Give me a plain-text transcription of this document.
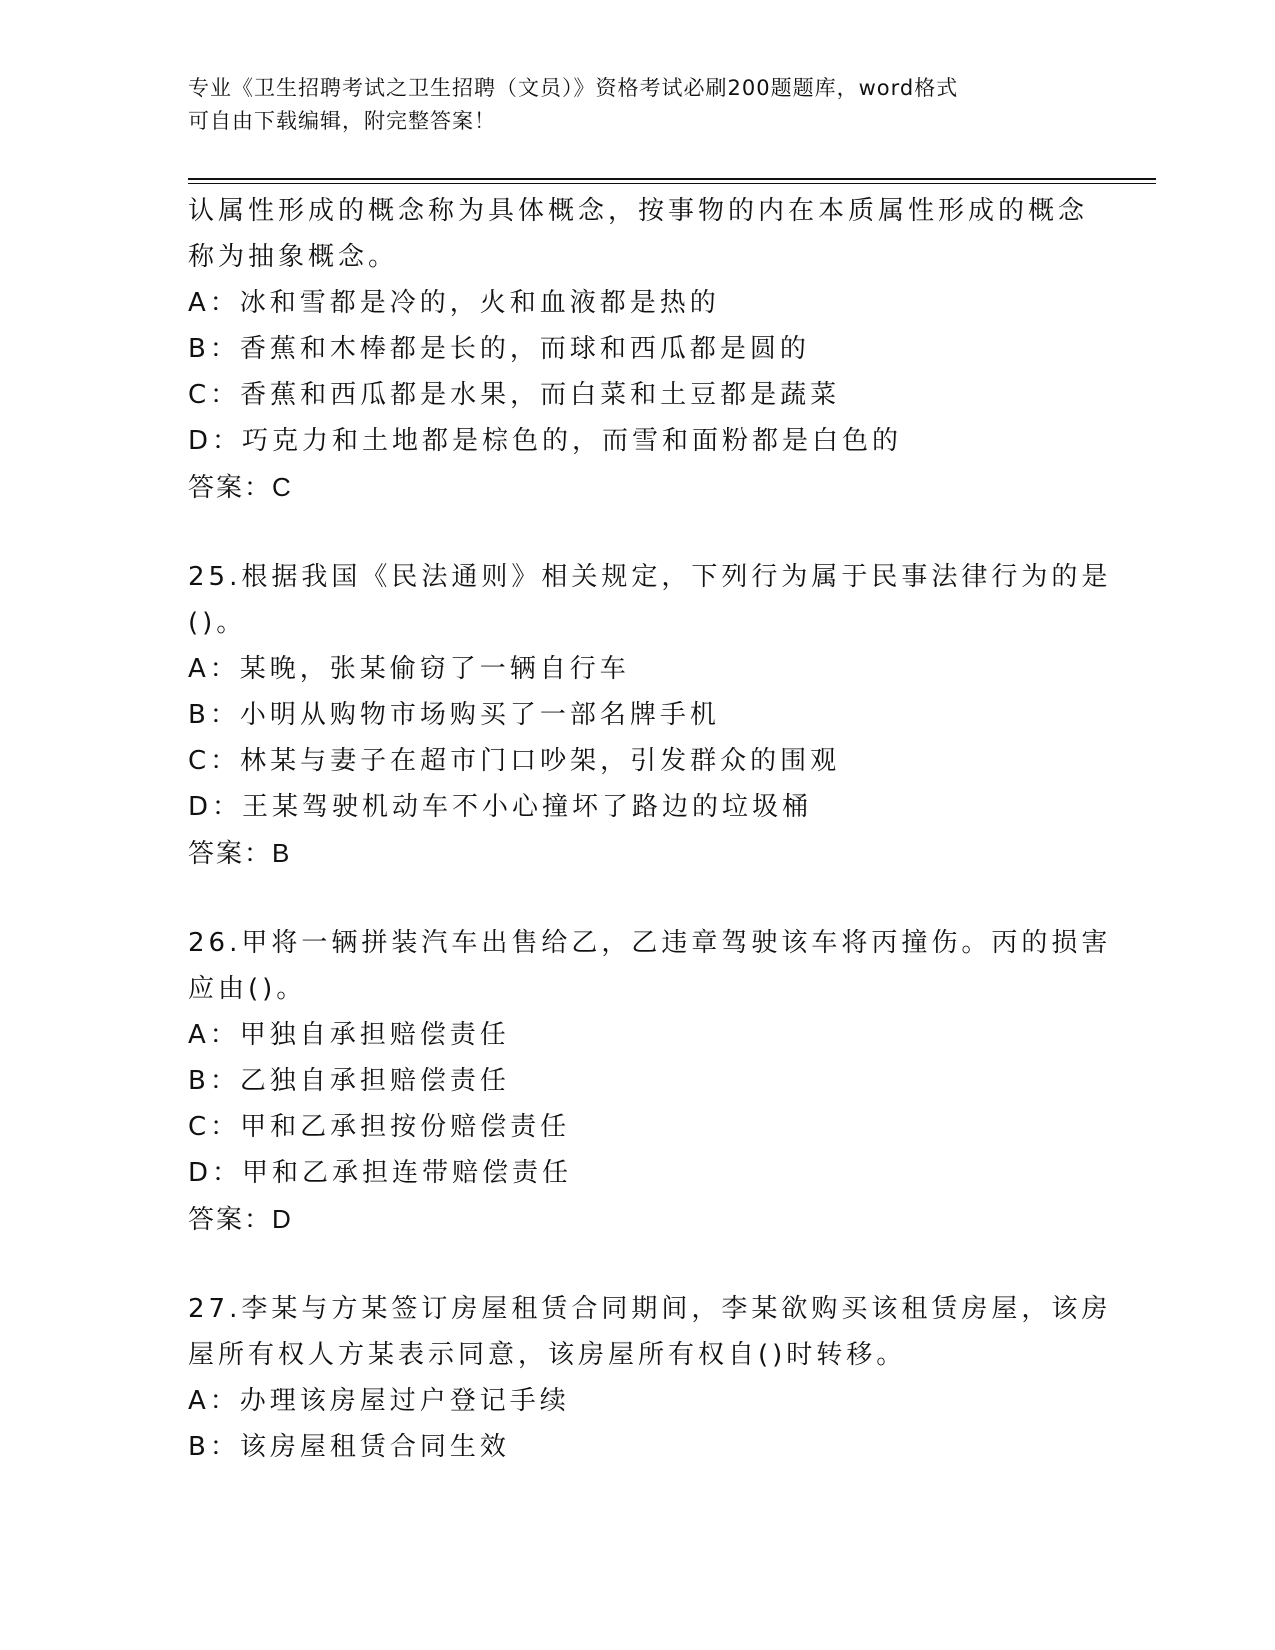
专业《卫生招聘考试之卫生招聘（文员）》资格考试必刷200题题库，word格式
可自由下载编辑，附完整答案！
认属性形成的概念称为具体概念，按事物的内在本质属性形成的概念
称为抽象概念。
A：冰和雪都是冷的，火和血液都是热的
B：香蕉和木棒都是长的，而球和西瓜都是圆的
C：香蕉和西瓜都是水果，而白菜和土豆都是蔬菜
D：巧克力和土地都是棕色的，而雪和面粉都是白色的
答案：C
25.根据我国《民法通则》相关规定，下列行为属于民事法律行为的是
()。
A：某晚，张某偷窃了一辆自行车
B：小明从购物市场购买了一部名牌手机
C：林某与妻子在超市门口吵架，引发群众的围观
D：王某驾驶机动车不小心撞坏了路边的垃圾桶
答案：B
26.甲将一辆拼装汽车出售给乙，乙违章驾驶该车将丙撞伤。丙的损害
应由()。
A：甲独自承担赔偿责任
B：乙独自承担赔偿责任
C：甲和乙承担按份赔偿责任
D：甲和乙承担连带赔偿责任
答案：D
27.李某与方某签订房屋租赁合同期间，李某欲购买该租赁房屋，该房
屋所有权人方某表示同意，该房屋所有权自()时转移。
A：办理该房屋过户登记手续
B：该房屋租赁合同生效
